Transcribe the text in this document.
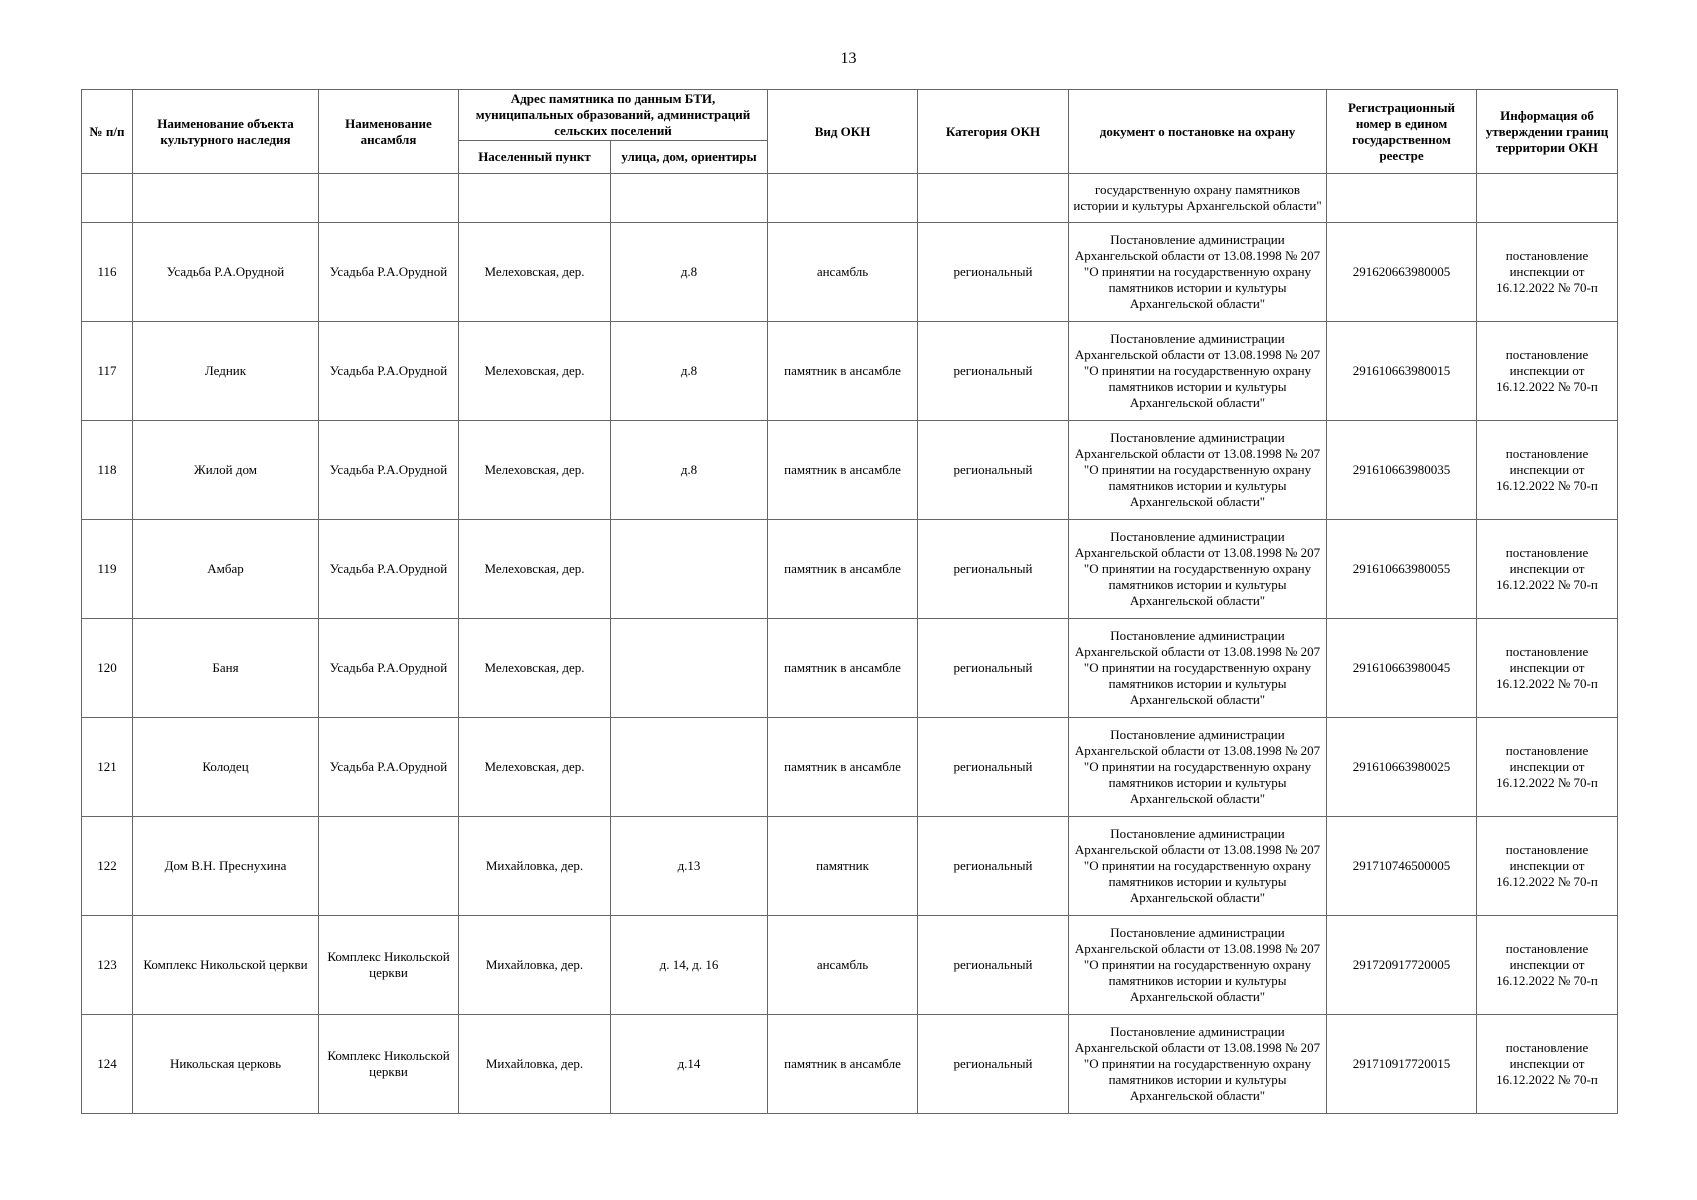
13
№ п/п	Наименование объекта культурного наследия	Наименование ансамбля	Адрес памятника по данным БТИ, муниципальных образований, администраций сельских поселений		Вид ОКН	Категория ОКН	документ о постановке на охрану	Регистрационный номер в едином государственном реестре	Информация об утверждении границ территории ОКН
			Населенный пункт	улица, дом, ориентиры					
							государственную охрану памятников истории и культуры Архангельской области"		
116	Усадьба Р.А.Орудной	Усадьба Р.А.Орудной	Мелеховская, дер.	д.8	ансамбль	региональный	Постановление администрации Архангельской области от 13.08.1998 № 207 "О принятии на государственную охрану памятников истории и культуры Архангельской области"	291620663980005	постановление инспекции от 16.12.2022 № 70-п
117	Ледник	Усадьба Р.А.Орудной	Мелеховская, дер.	д.8	памятник в ансамбле	региональный	Постановление администрации Архангельской области от 13.08.1998 № 207 "О принятии на государственную охрану памятников истории и культуры Архангельской области"	291610663980015	постановление инспекции от 16.12.2022 № 70-п
118	Жилой дом	Усадьба Р.А.Орудной	Мелеховская, дер.	д.8	памятник в ансамбле	региональный	Постановление администрации Архангельской области от 13.08.1998 № 207 "О принятии на государственную охрану памятников истории и культуры Архангельской области"	291610663980035	постановление инспекции от 16.12.2022 № 70-п
119	Амбар	Усадьба Р.А.Орудной	Мелеховская, дер.		памятник в ансамбле	региональный	Постановление администрации Архангельской области от 13.08.1998 № 207 "О принятии на государственную охрану памятников истории и культуры Архангельской области"	291610663980055	постановление инспекции от 16.12.2022 № 70-п
120	Баня	Усадьба Р.А.Орудной	Мелеховская, дер.		памятник в ансамбле	региональный	Постановление администрации Архангельской области от 13.08.1998 № 207 "О принятии на государственную охрану памятников истории и культуры Архангельской области"	291610663980045	постановление инспекции от 16.12.2022 № 70-п
121	Колодец	Усадьба Р.А.Орудной	Мелеховская, дер.		памятник в ансамбле	региональный	Постановление администрации Архангельской области от 13.08.1998 № 207 "О принятии на государственную охрану памятников истории и культуры Архангельской области"	291610663980025	постановление инспекции от 16.12.2022 № 70-п
122	Дом В.Н. Преснухина		Михайловка, дер.	д.13	памятник	региональный	Постановление администрации Архангельской области от 13.08.1998 № 207 "О принятии на государственную охрану памятников истории и культуры Архангельской области"	291710746500005	постановление инспекции от 16.12.2022 № 70-п
123	Комплекс Никольской церкви	Комплекс Никольской церкви	Михайловка, дер.	д. 14, д. 16	ансамбль	региональный	Постановление администрации Архангельской области от 13.08.1998 № 207 "О принятии на государственную охрану памятников истории и культуры Архангельской области"	291720917720005	постановление инспекции от 16.12.2022 № 70-п
124	Никольская церковь	Комплекс Никольской церкви	Михайловка, дер.	д.14	памятник в ансамбле	региональный	Постановление администрации Архангельской области от 13.08.1998 № 207 "О принятии на государственную охрану памятников истории и культуры Архангельской области"	291710917720015	постановление инспекции от 16.12.2022 № 70-п
